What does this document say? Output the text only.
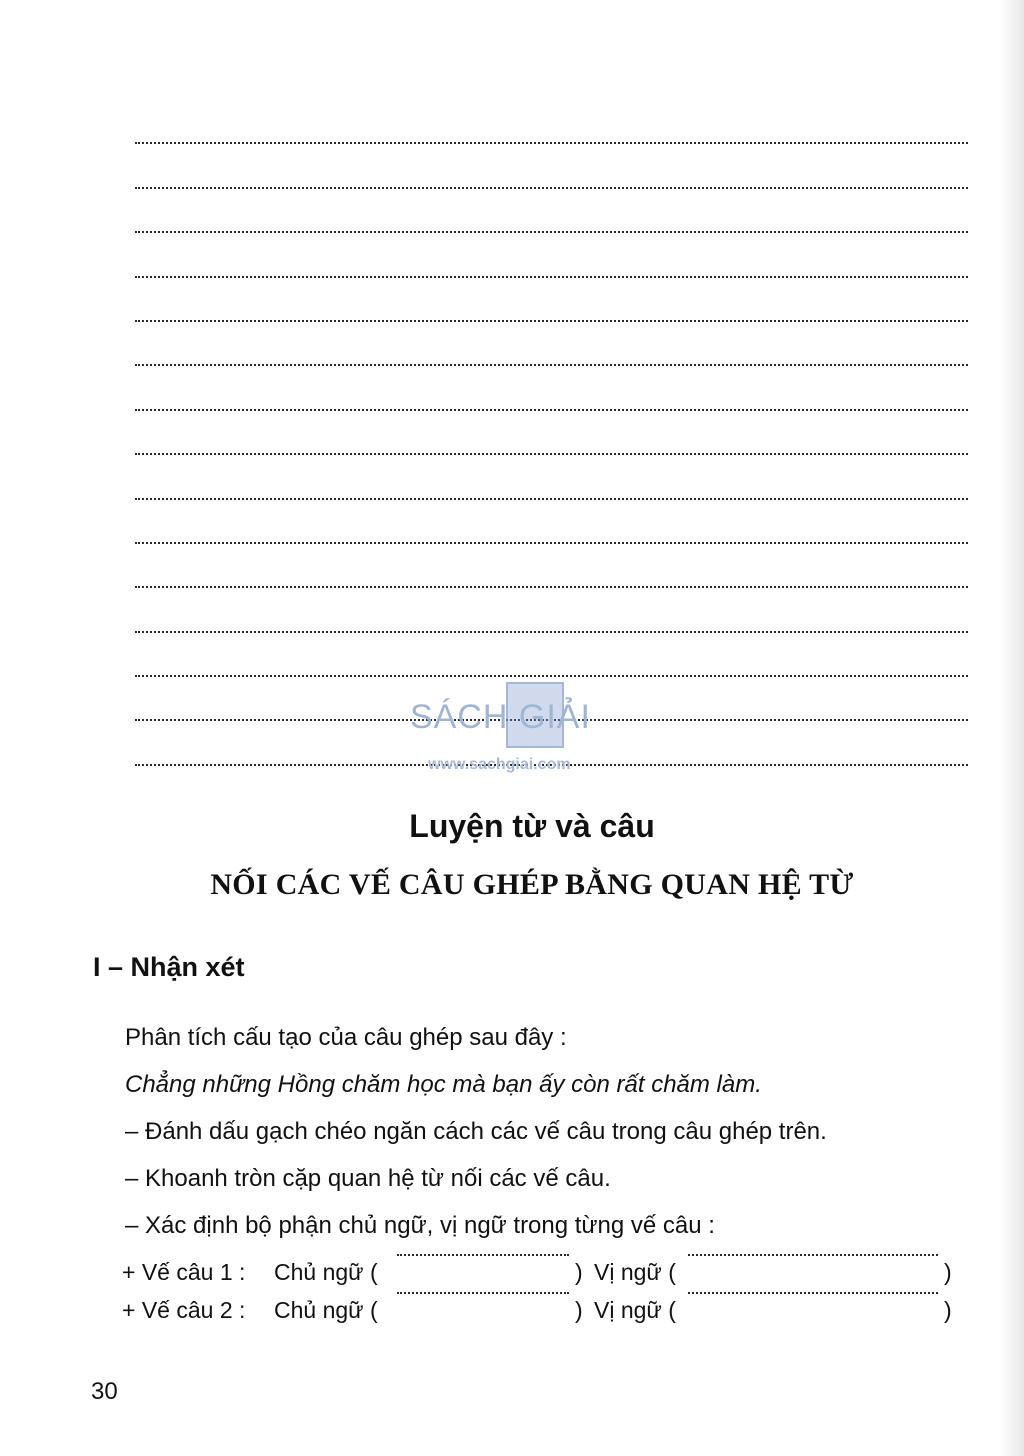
SÁCH GIẢI
www.sachgiai.com
Luyện từ và câu
NỐI CÁC VẾ CÂU GHÉP BẰNG QUAN HỆ TỪ
I – Nhận xét
Phân tích cấu tạo của câu ghép sau đây :
Chẳng những Hồng chăm học mà bạn ấy còn rất chăm làm.
– Đánh dấu gạch chéo ngăn cách các vế câu trong câu ghép trên.
– Khoanh tròn cặp quan hệ từ nối các vế câu.
– Xác định bộ phận chủ ngữ, vị ngữ trong từng vế câu :
+ Vế câu 1 : Chủ ngữ (	) Vị ngữ (	)
+ Vế câu 2 : Chủ ngữ (	) Vị ngữ (	)
30
